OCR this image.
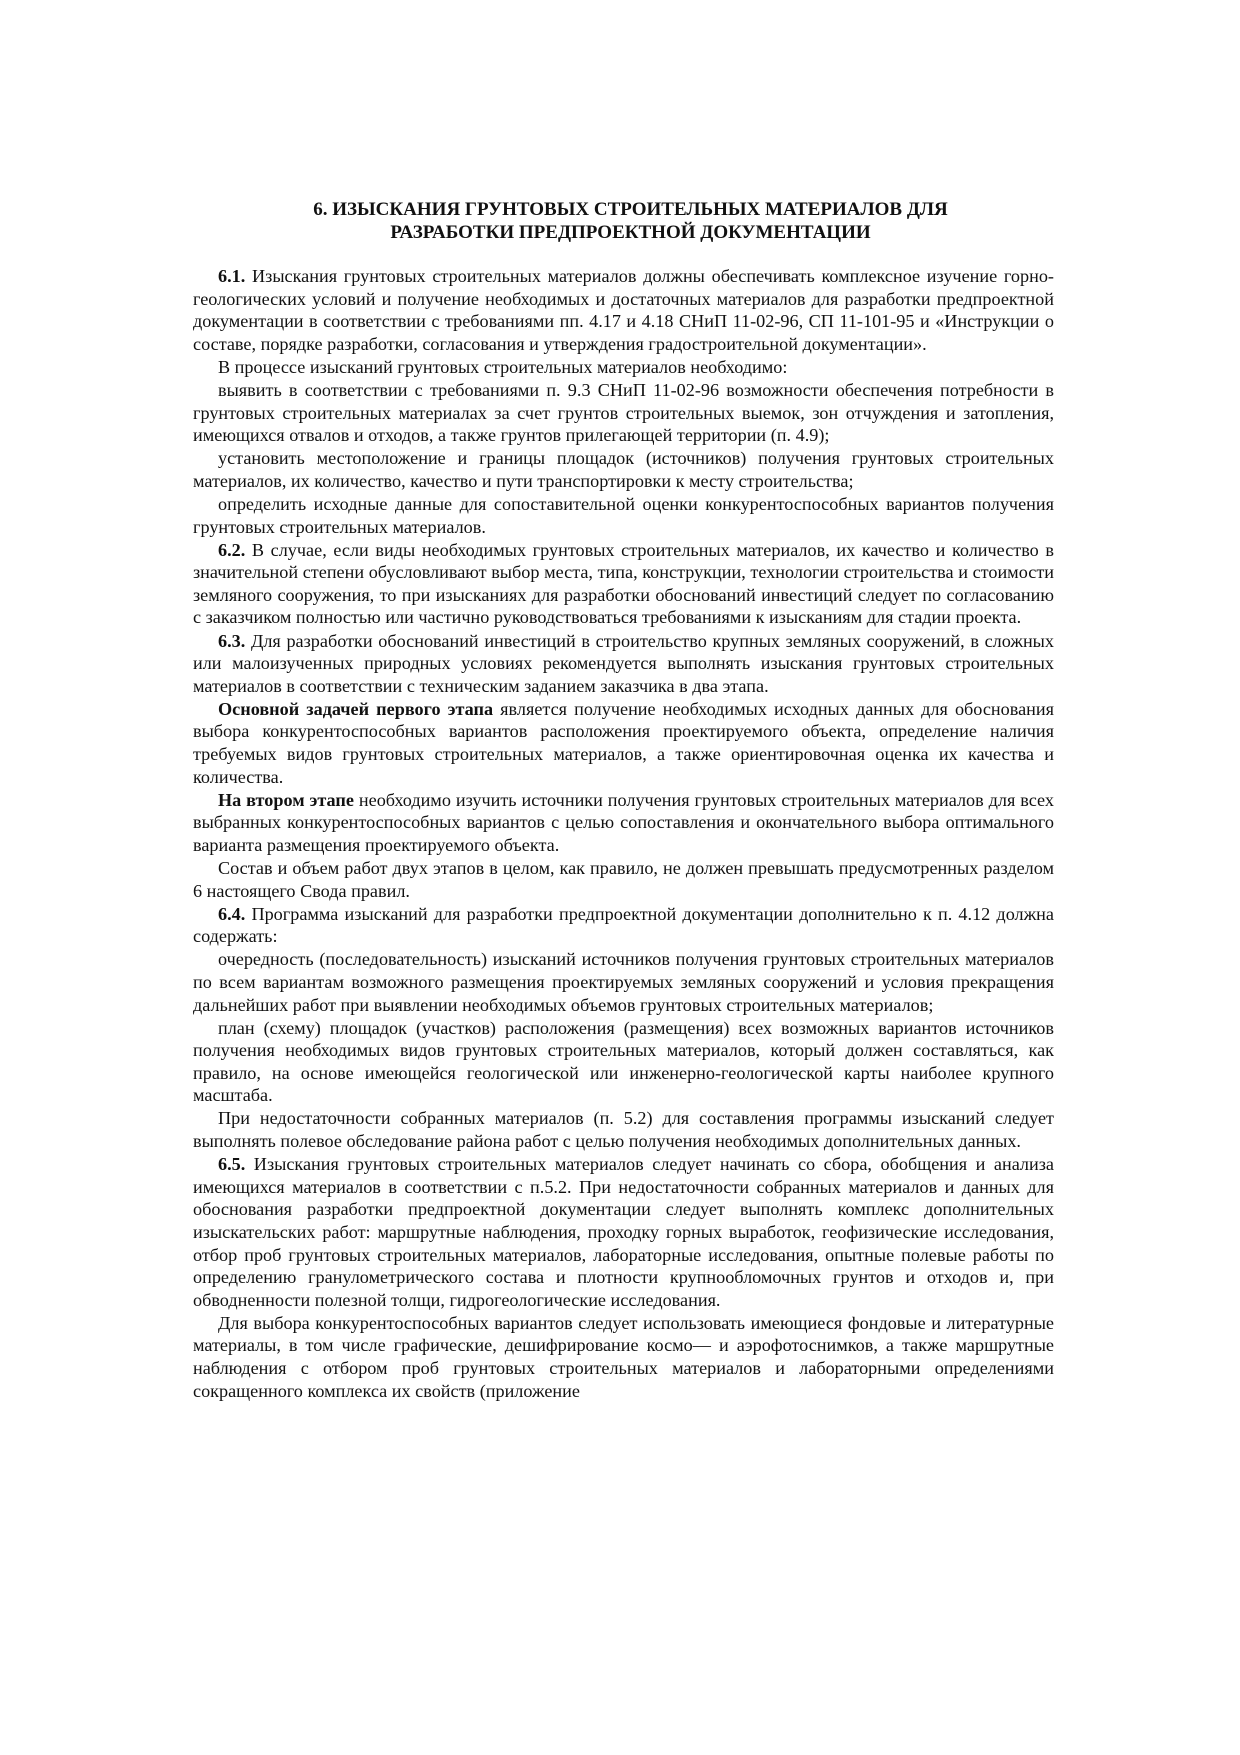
6. ИЗЫСКАНИЯ ГРУНТОВЫХ СТРОИТЕЛЬНЫХ МАТЕРИАЛОВ ДЛЯ
РАЗРАБОТКИ ПРЕДПРОЕКТНОЙ ДОКУМЕНТАЦИИ
6.1. Изыскания грунтовых строительных материалов должны обеспечивать комплексное изучение горно-геологических условий и получение необходимых и достаточных материалов для разработки предпроектной документации в соответствии с требованиями пп. 4.17 и 4.18 СНиП 11-02-96, СП 11-101-95 и «Инструкции о составе, порядке разработки, согласования и утверждения градостроительной документации».
В процессе изысканий грунтовых строительных материалов необходимо:
выявить в соответствии с требованиями п. 9.3 СНиП 11-02-96 возможности обеспечения потребности в грунтовых строительных материалах за счет грунтов строительных выемок, зон отчуждения и затопления, имеющихся отвалов и отходов, а также грунтов прилегающей территории (п. 4.9);
установить местоположение и границы площадок (источников) получения грунтовых строительных материалов, их количество, качество и пути транспортировки к месту строительства;
определить исходные данные для сопоставительной оценки конкурентоспособных вариантов получения грунтовых строительных материалов.
6.2. В случае, если виды необходимых грунтовых строительных материалов, их качество и количество в значительной степени обусловливают выбор места, типа, конструкции, технологии строительства и стоимости земляного сооружения, то при изысканиях для разработки обоснований инвестиций следует по согласованию с заказчиком полностью или частично руководствоваться требованиями к изысканиям для стадии проекта.
6.3. Для разработки обоснований инвестиций в строительство крупных земляных сооружений, в сложных или малоизученных природных условиях рекомендуется выполнять изыскания грунтовых строительных материалов в соответствии с техническим заданием заказчика в два этапа.
Основной задачей первого этапа является получение необходимых исходных данных для обоснования выбора конкурентоспособных вариантов расположения проектируемого объекта, определение наличия требуемых видов грунтовых строительных материалов, а также ориентировочная оценка их качества и количества.
На втором этапе необходимо изучить источники получения грунтовых строительных материалов для всех выбранных конкурентоспособных вариантов с целью сопоставления и окончательного выбора оптимального варианта размещения проектируемого объекта.
Состав и объем работ двух этапов в целом, как правило, не должен превышать предусмотренных разделом 6 настоящего Свода правил.
6.4. Программа изысканий для разработки предпроектной документации дополнительно к п. 4.12 должна содержать:
очередность (последовательность) изысканий источников получения грунтовых строительных материалов по всем вариантам возможного размещения проектируемых земляных сооружений и условия прекращения дальнейших работ при выявлении необходимых объемов грунтовых строительных материалов;
план (схему) площадок (участков) расположения (размещения) всех возможных вариантов источников получения необходимых видов грунтовых строительных материалов, который должен составляться, как правило, на основе имеющейся геологической или инженерно-геологической карты наиболее крупного масштаба.
При недостаточности собранных материалов (п. 5.2) для составления программы изысканий следует выполнять полевое обследование района работ с целью получения необходимых дополнительных данных.
6.5. Изыскания грунтовых строительных материалов следует начинать со сбора, обобщения и анализа имеющихся материалов в соответствии с п.5.2. При недостаточности собранных материалов и данных для обоснования разработки предпроектной документации следует выполнять комплекс дополнительных изыскательских работ: маршрутные наблюдения, проходку горных выработок, геофизические исследования, отбор проб грунтовых строительных материалов, лабораторные исследования, опытные полевые работы по определению гранулометрического состава и плотности крупнообломочных грунтов и отходов и, при обводненности полезной толщи, гидрогеологические исследования.
Для выбора конкурентоспособных вариантов следует использовать имеющиеся фондовые и литературные материалы, в том числе графические, дешифрирование космо— и аэрофотоснимков, а также маршрутные наблюдения с отбором проб грунтовых строительных материалов и лабораторными определениями сокращенного комплекса их свойств (приложение
